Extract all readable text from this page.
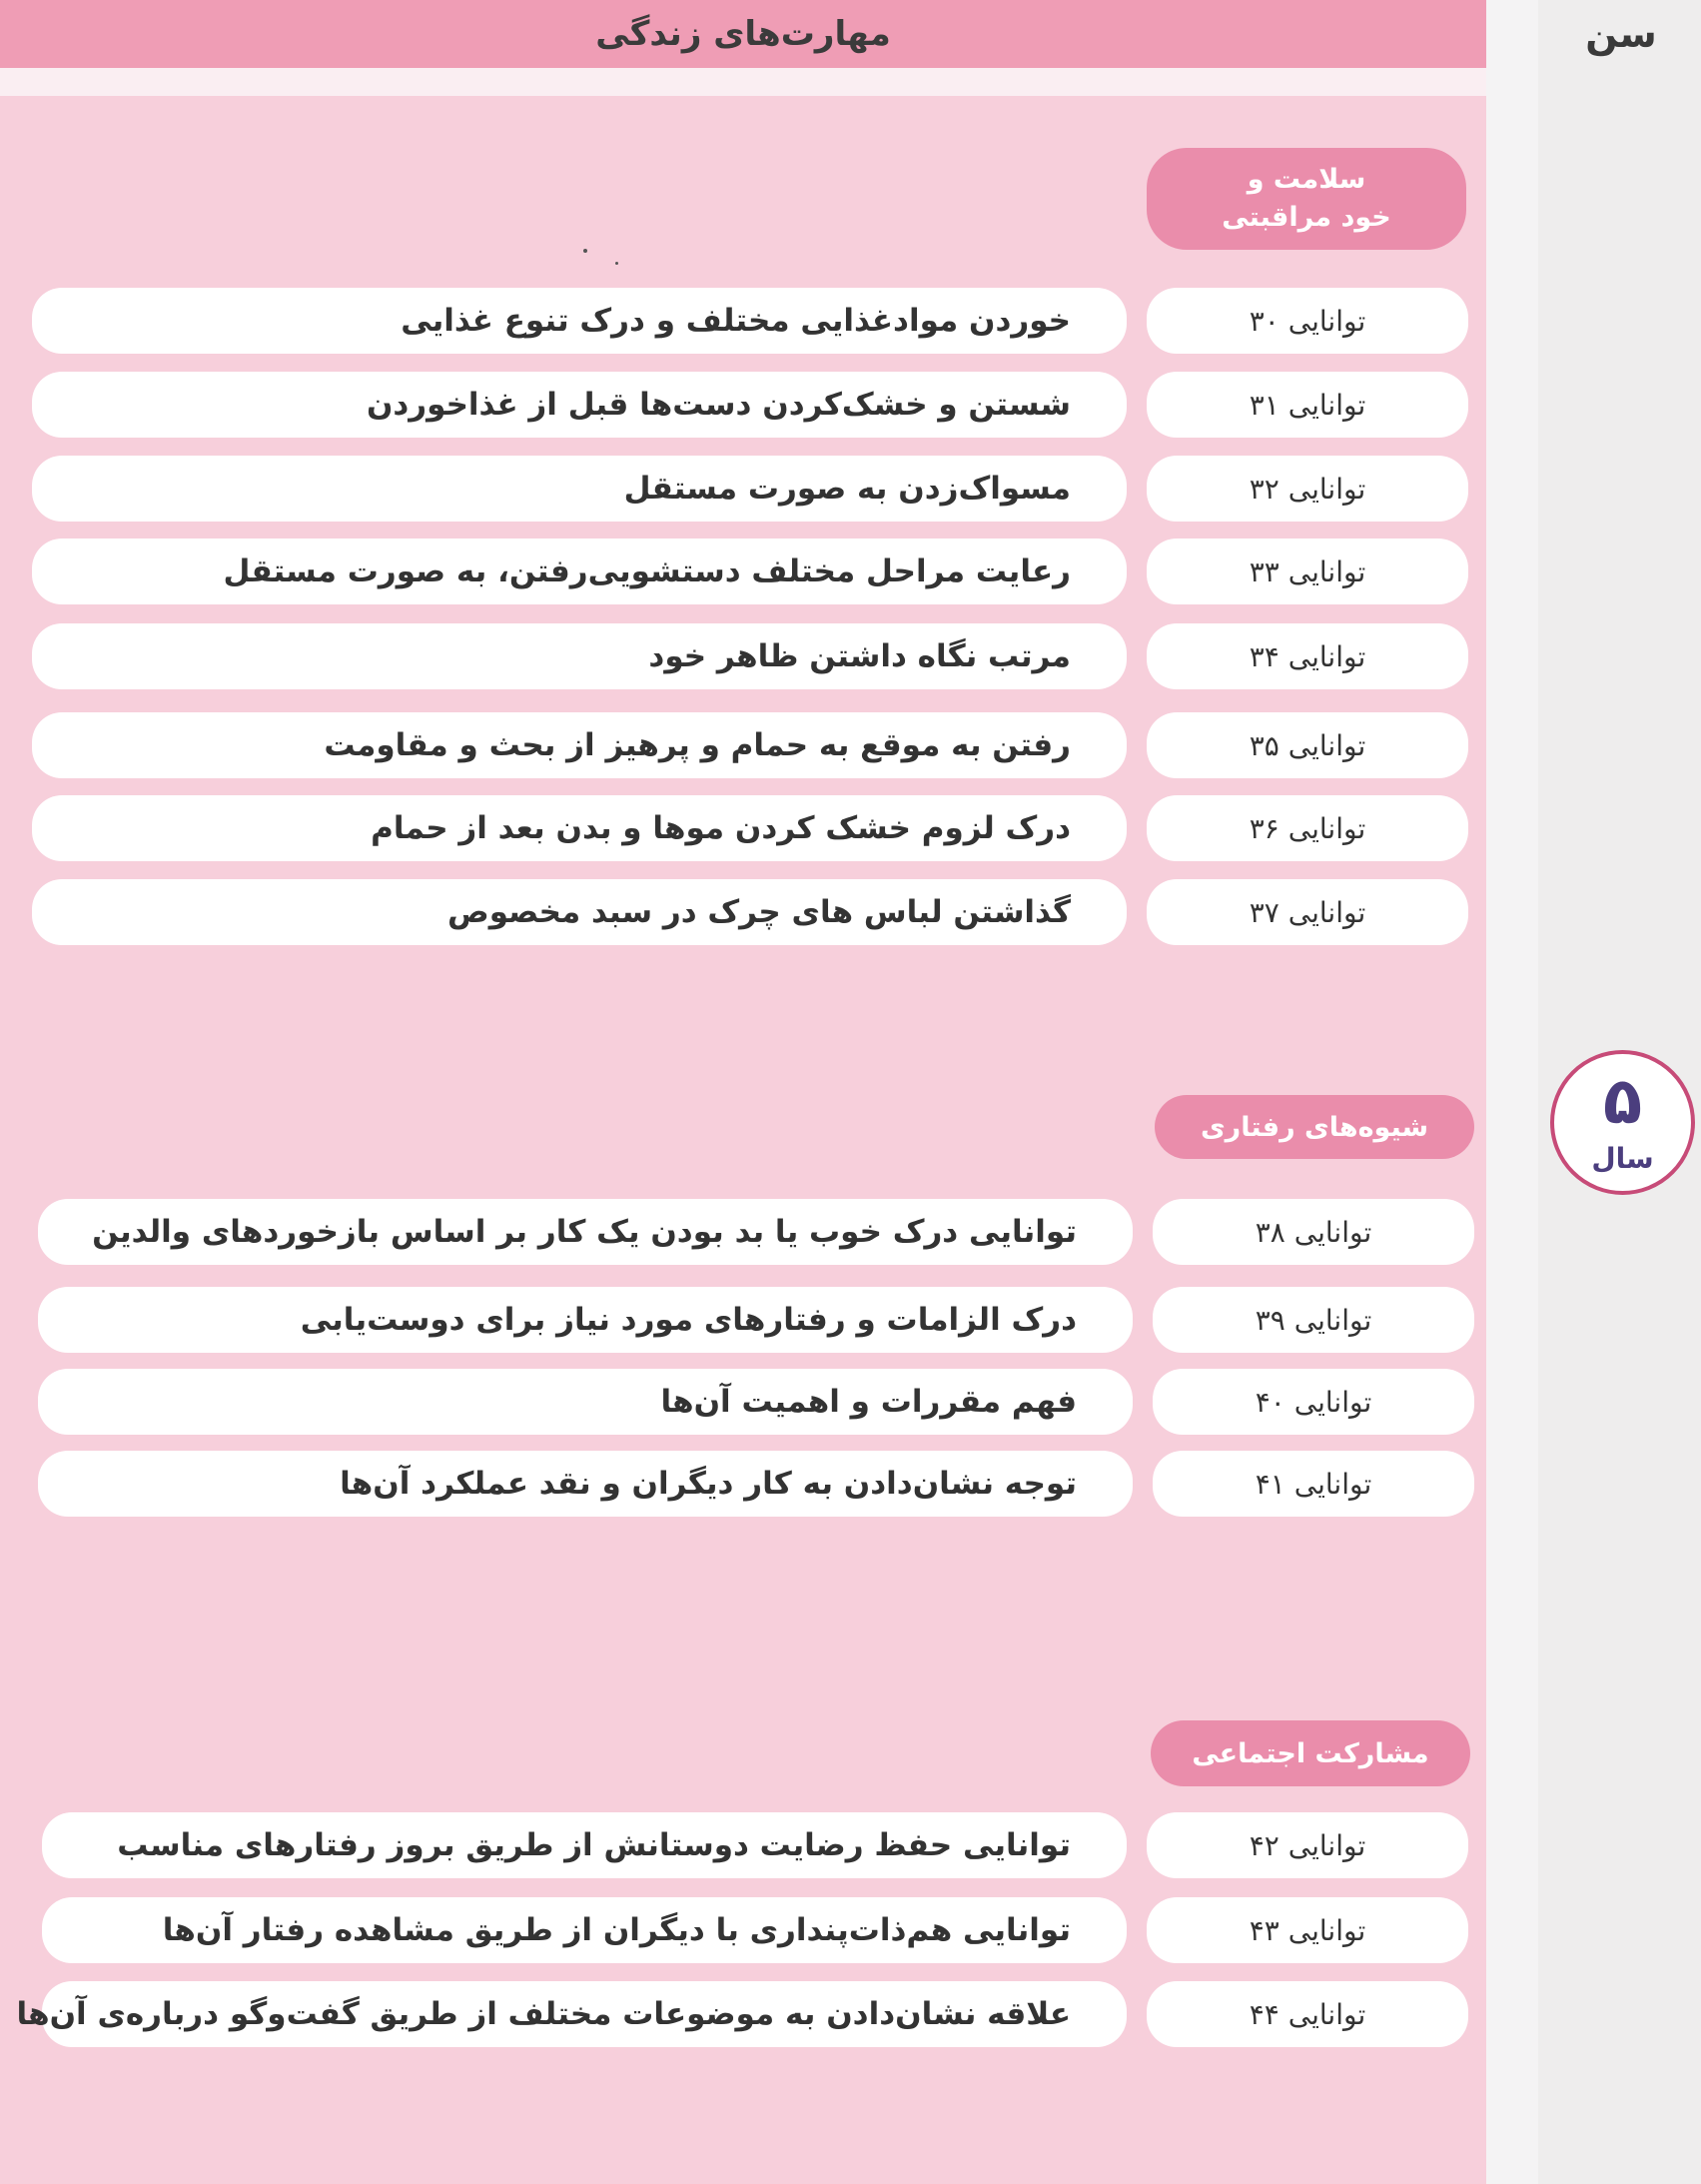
مهارت‌های زندگی	سن
۵
سال
سلامت و
خود مراقبتی
شیوه‌های رفتاری
مشارکت اجتماعی
توانایی ۳۰
خوردن موادغذایی مختلف و درک تنوع غذایی
توانایی ۳۱
شستن و خشک‌کردن دست‌ها قبل از غذاخوردن
توانایی ۳۲
مسواک‌زدن به صورت مستقل
توانایی ۳۳
رعایت مراحل مختلف دستشویی‌رفتن، به صورت مستقل
توانایی ۳۴
مرتب نگاه داشتن ظاهر خود
توانایی ۳۵
رفتن به موقع به حمام و پرهیز از بحث و مقاومت
توانایی ۳۶
درک لزوم خشک کردن موها و بدن بعد از حمام
توانایی ۳۷
گذاشتن لباس های چرک در سبد مخصوص
توانایی ۳۸
توانایی درک خوب یا بد بودن یک کار بر اساس بازخوردهای والدین
توانایی ۳۹
درک الزامات و رفتارهای مورد نیاز برای دوست‌یابی
توانایی ۴۰
فهم مقررات و اهمیت آن‌ها
توانایی ۴۱
توجه نشان‌دادن به کار دیگران و نقد عملکرد آن‌ها
توانایی ۴۲
توانایی حفظ رضایت دوستانش از طریق بروز رفتارهای مناسب
توانایی ۴۳
توانایی هم‌ذات‌پنداری با دیگران از طریق مشاهده رفتار آن‌ها
توانایی ۴۴
علاقه نشان‌دادن به موضوعات مختلف از طریق گفت‌وگو درباره‌ی آن‌ها
